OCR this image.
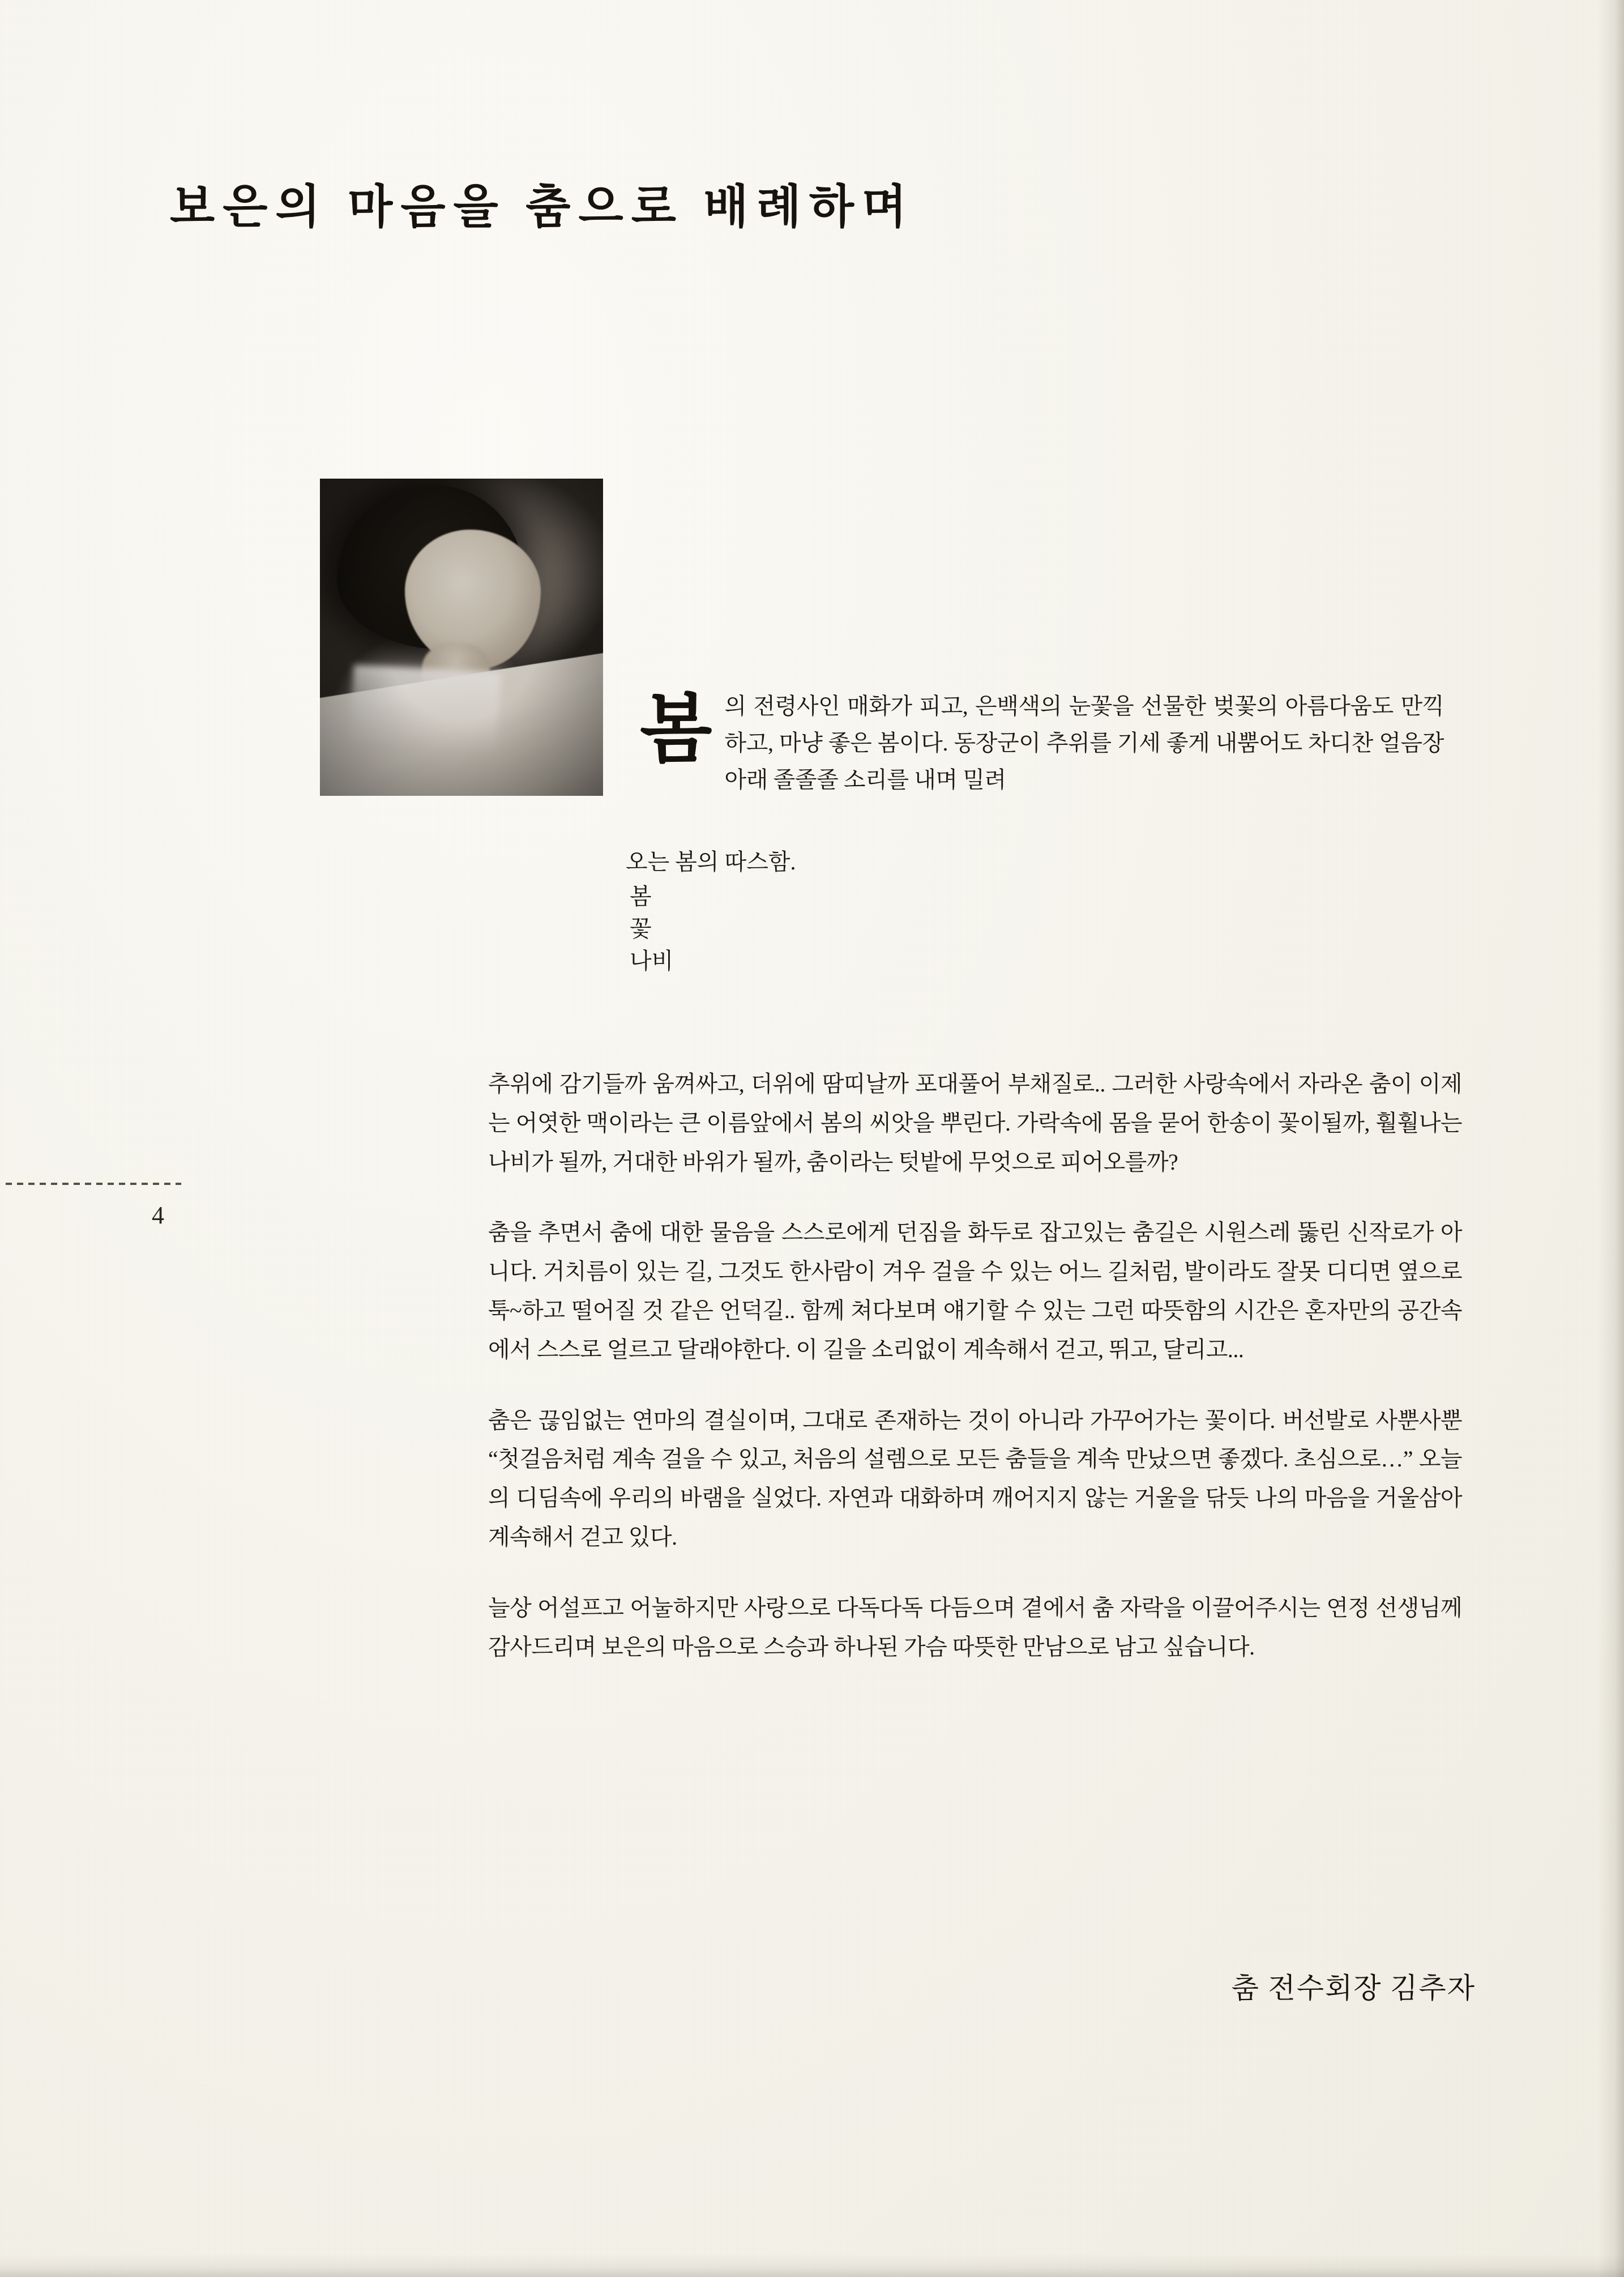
보은의 마음을 춤으로 배례하며
봄 의 전령사인 매화가 피고, 은백색의 눈꽃을 선물한 벚꽃의 아름다움도 만끽하고, 마냥 좋은 봄이다. 동장군이 추위를 기세 좋게 내뿜어도 차디찬 얼음장 아래 졸졸졸 소리를 내며 밀려

오는 봄의 따스함.
봄
꽃
나비

추위에 감기들까 움껴싸고, 더위에 땀띠날까 포대풀어 부채질로.. 그러한 사랑속에서 자라온 춤이 이제는 어엿한 맥이라는 큰 이름앞에서 봄의 씨앗을 뿌린다. 가락속에 몸을 묻어 한송이 꽃이될까, 훨훨나는 나비가 될까, 거대한 바위가 될까, 춤이라는 텃밭에 무엇으로 피어오를까?

춤을 추면서 춤에 대한 물음을 스스로에게 던짐을 화두로 잡고있는 춤길은 시원스레 뚫린 신작로가 아니다. 거치름이 있는 길, 그것도 한사람이 겨우 걸을 수 있는 어느 길처럼, 발이라도 잘못 디디면 옆으로 툭~하고 떨어질 것 같은 언덕길.. 함께 쳐다보며 얘기할 수 있는 그런 따뜻함의 시간은 혼자만의 공간속에서 스스로 얼르고 달래야한다. 이 길을 소리없이 계속해서 걷고, 뛰고, 달리고...

춤은 끊임없는 연마의 결실이며, 그대로 존재하는 것이 아니라 가꾸어가는 꽃이다. 버선발로 사뿐사뿐 “첫걸음처럼 계속 걸을 수 있고, 처음의 설렘으로 모든 춤들을 계속 만났으면 좋겠다. 초심으로…” 오늘의 디딤속에 우리의 바램을 실었다. 자연과 대화하며 깨어지지 않는 거울을 닦듯 나의 마음을 거울삼아 계속해서 걷고 있다.

늘상 어설프고 어눌하지만 사랑으로 다독다독 다듬으며 곁에서 춤 자락을 이끌어주시는 연정 선생님께 감사드리며 보은의 마음으로 스승과 하나된 가슴 따뜻한 만남으로 남고 싶습니다.

춤 전수회장 김추자
4
